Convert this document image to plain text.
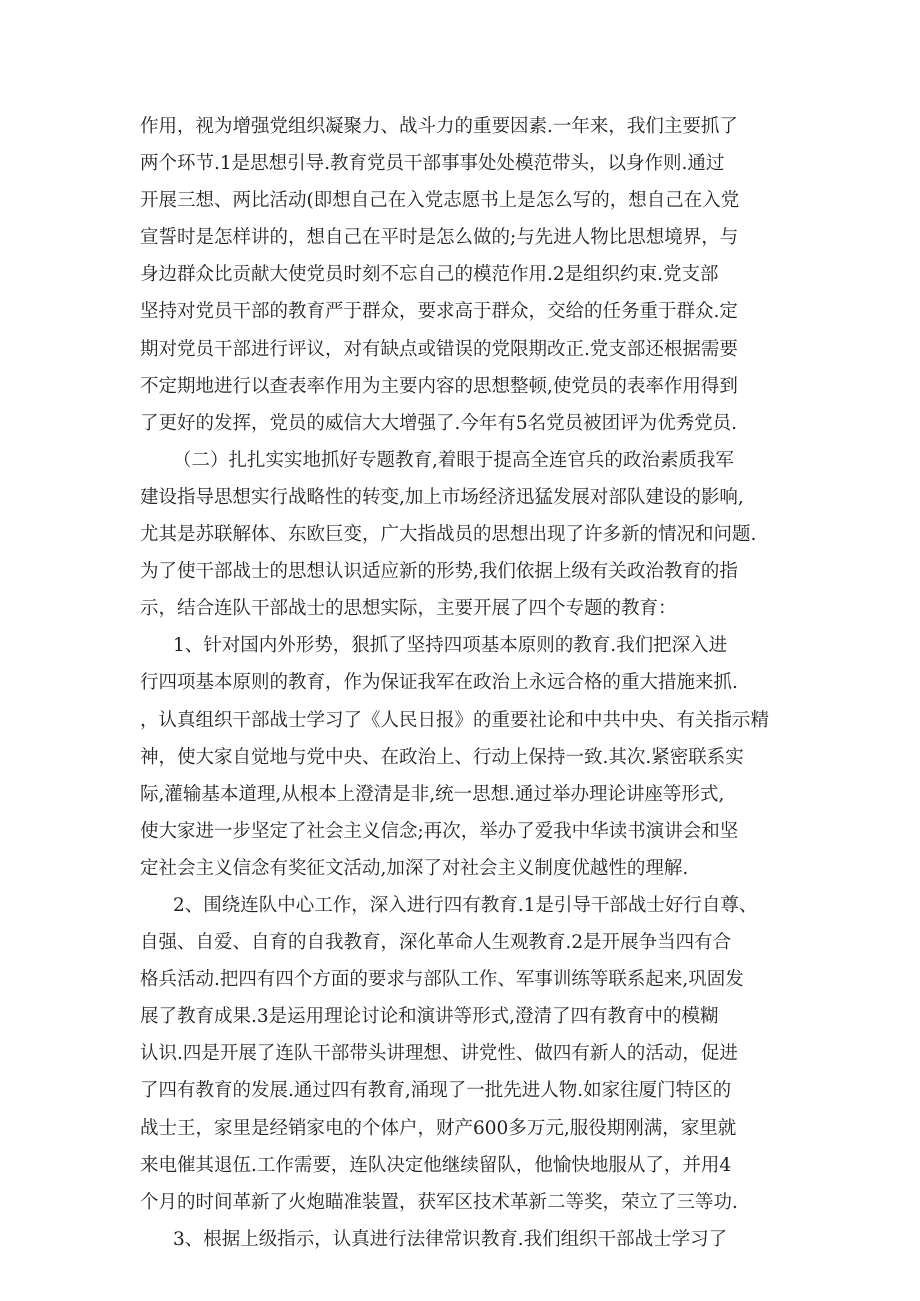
作用，视为增强党组织凝聚力、战斗力的重要因素.一年来，我们主要抓了
两个环节.1是思想引导.教育党员干部事事处处模范带头，以身作则.通过
开展三想、两比活动(即想自己在入党志愿书上是怎么写的，想自己在入党
宣誓时是怎样讲的，想自己在平时是怎么做的;与先进人物比思想境界，与
身边群众比贡献大使党员时刻不忘自己的模范作用.2是组织约束.党支部
坚持对党员干部的教育严于群众，要求高于群众，交给的任务重于群众.定
期对党员干部进行评议，对有缺点或错误的党限期改正.党支部还根据需要
不定期地进行以查表率作用为主要内容的思想整顿,使党员的表率作用得到
了更好的发挥，党员的威信大大增强了.今年有5名党员被团评为优秀党员.
（二）扎扎实实地抓好专题教育,着眼于提高全连官兵的政治素质我军
建设指导思想实行战略性的转变,加上市场经济迅猛发展对部队建设的影响,
尤其是苏联解体、东欧巨变，广大指战员的思想出现了许多新的情况和问题.
为了使干部战士的思想认识适应新的形势,我们依据上级有关政治教育的指
示，结合连队干部战士的思想实际，主要开展了四个专题的教育：
1、针对国内外形势，狠抓了坚持四项基本原则的教育.我们把深入进
行四项基本原则的教育，作为保证我军在政治上永远合格的重大措施来抓.
，认真组织干部战士学习了《人民日报》的重要社论和中共中央、有关指示精
神，使大家自觉地与党中央、在政治上、行动上保持一致.其次.紧密联系实
际,灌输基本道理,从根本上澄清是非,统一思想.通过举办理论讲座等形式,
使大家进一步坚定了社会主义信念;再次，举办了爱我中华读书演讲会和坚
定社会主义信念有奖征文活动,加深了对社会主义制度优越性的理解.
2、围绕连队中心工作，深入进行四有教育.1是引导干部战士好行自尊、
自强、自爱、自育的自我教育，深化革命人生观教育.2是开展争当四有合
格兵活动.把四有四个方面的要求与部队工作、军事训练等联系起来,巩固发
展了教育成果.3是运用理论讨论和演讲等形式,澄清了四有教育中的模糊
认识.四是开展了连队干部带头讲理想、讲党性、做四有新人的活动，促进
了四有教育的发展.通过四有教育,涌现了一批先进人物.如家往厦门特区的
战士王，家里是经销家电的个体户，财产600多万元,服役期刚满，家里就
来电催其退伍.工作需要，连队决定他继续留队，他愉快地服从了，并用4
个月的时间革新了火炮瞄准装置，获军区技术革新二等奖，荣立了三等功.
3、根据上级指示，认真进行法律常识教育.我们组织干部战士学习了
